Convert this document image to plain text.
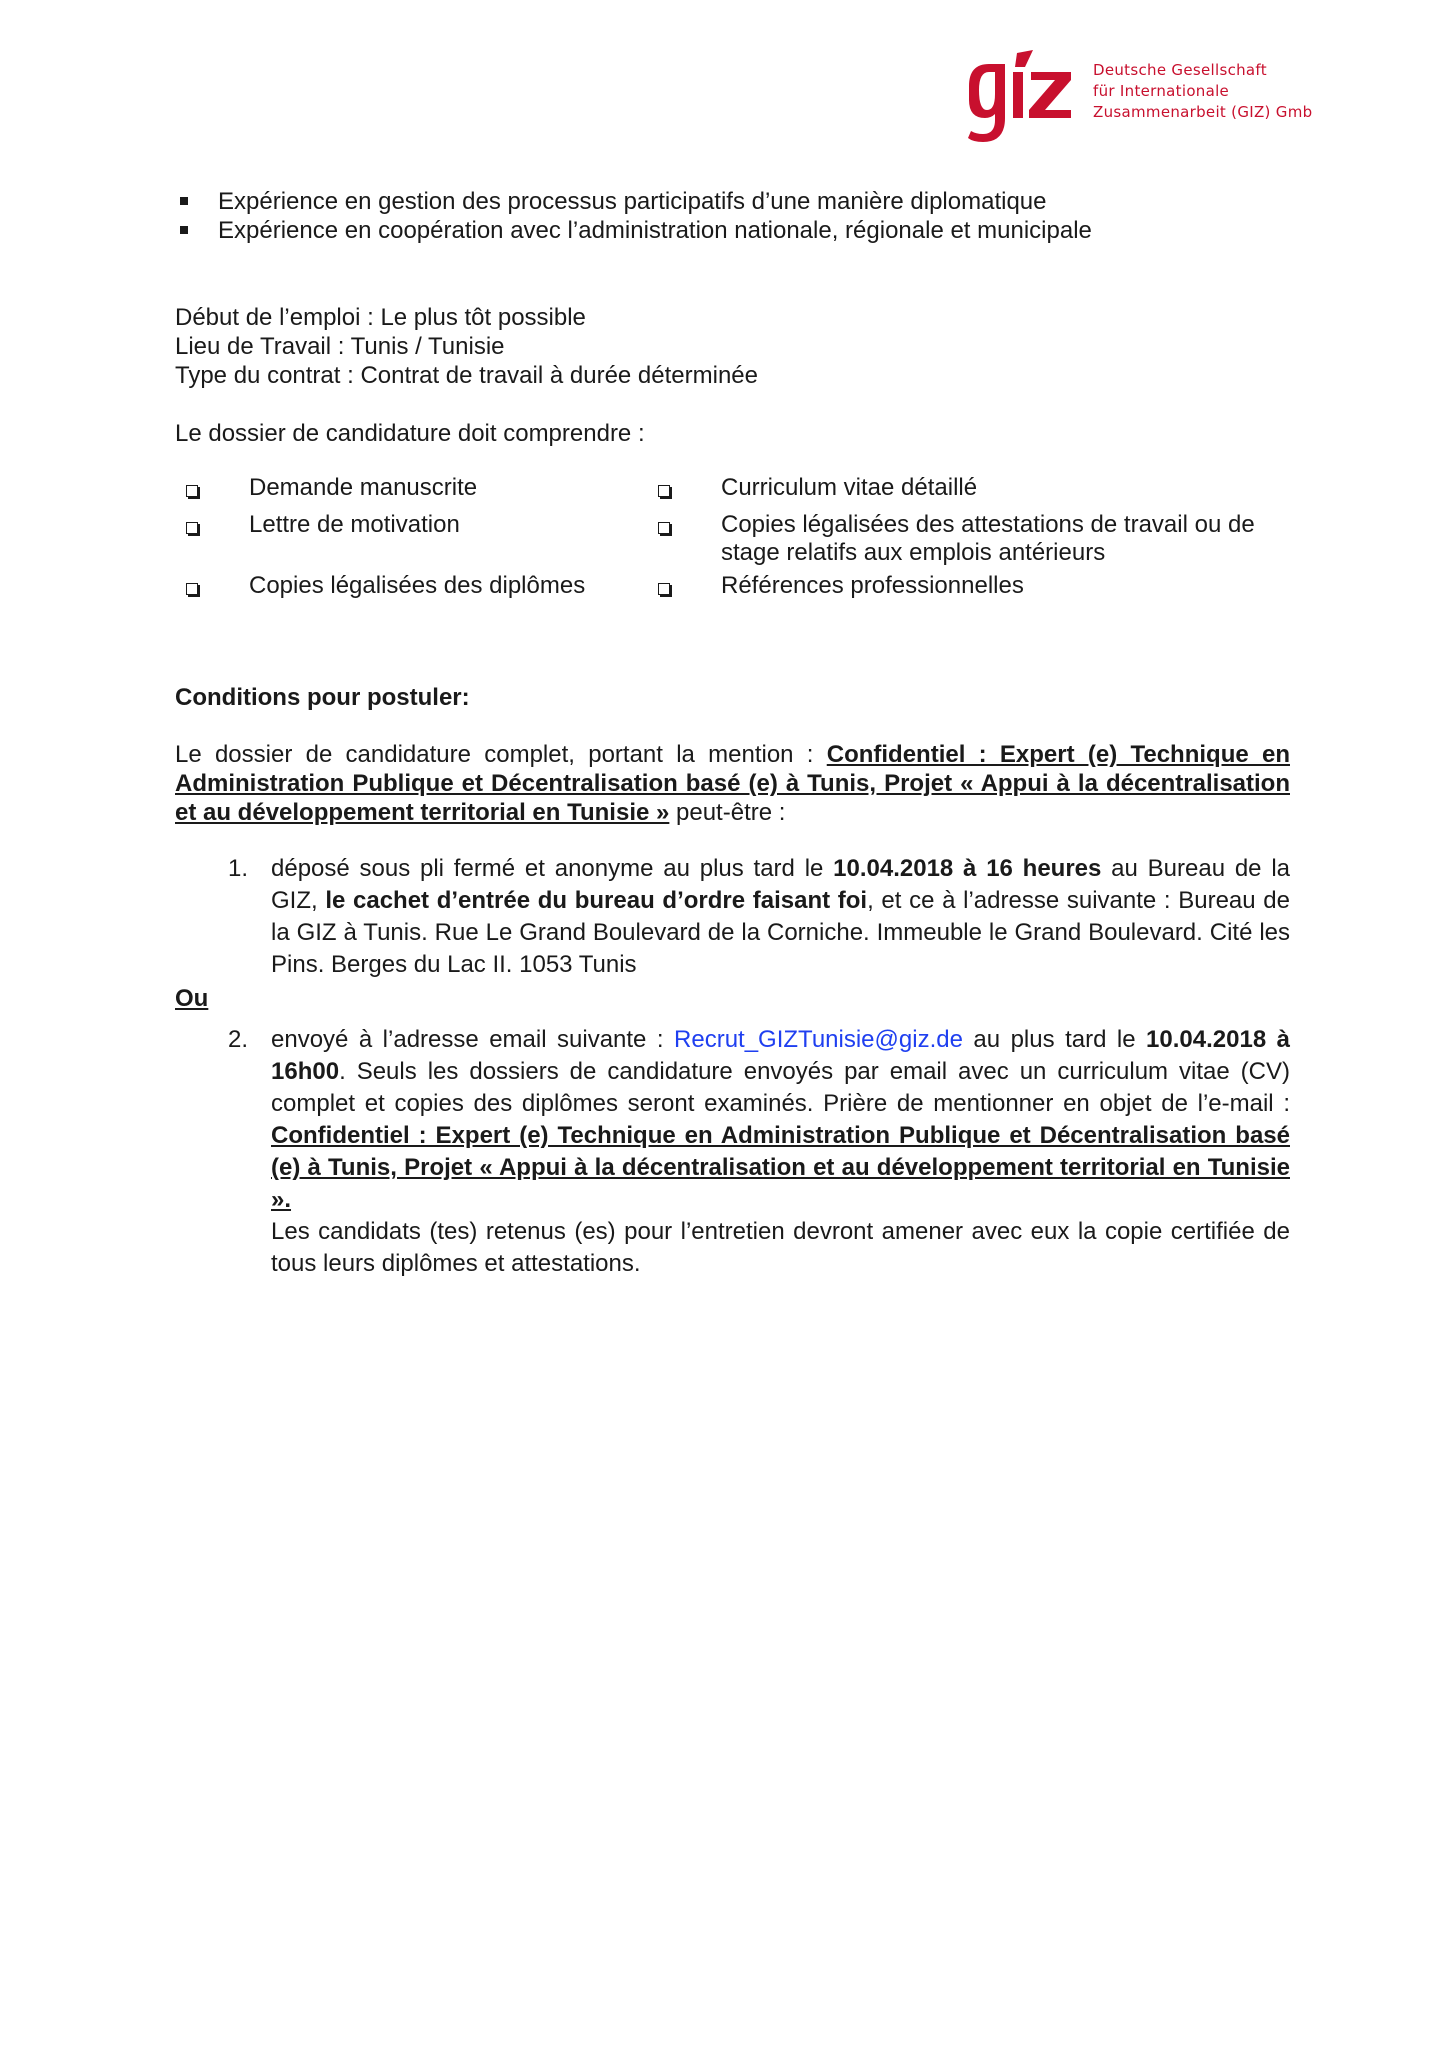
Deutsche Gesellschaft
für Internationale
Zusammenarbeit (GIZ) Gmb
Expérience en gestion des processus participatifs d’une manière diplomatique
Expérience en coopération avec l’administration nationale, régionale et municipale
Début de l’emploi : Le plus tôt possible
Lieu de Travail : Tunis / Tunisie
Type du contrat : Contrat de travail à durée déterminée
Le dossier de candidature doit comprendre :
Demande manuscrite	Curriculum vitae détaillé
Lettre de motivation	Copies légalisées des attestations de travail ou de
stage relatifs aux emplois antérieurs
Copies légalisées des diplômes	Références professionnelles
Conditions pour postuler:
Le dossier de candidature complet, portant la mention : Confidentiel : Expert (e) Technique en Administration Publique et Décentralisation basé (e) à Tunis, Projet « Appui à la décentralisation et au développement territorial en Tunisie » peut-être :
1. déposé sous pli fermé et anonyme au plus tard le 10.04.2018 à 16 heures au Bureau de la GIZ, le cachet d’entrée du bureau d’ordre faisant foi, et ce à l’adresse suivante : Bureau de la GIZ à Tunis. Rue Le Grand Boulevard de la Corniche. Immeuble le Grand Boulevard. Cité les Pins. Berges du Lac II. 1053 Tunis
Ou
2. envoyé à l’adresse email suivante : Recrut_GIZTunisie@giz.de au plus tard le 10.04.2018 à 16h00. Seuls les dossiers de candidature envoyés par email avec un curriculum vitae (CV) complet et copies des diplômes seront examinés. Prière de mentionner en objet de l’e-mail : Confidentiel : Expert (e) Technique en Administration Publique et Décentralisation basé (e) à Tunis, Projet « Appui à la décentralisation et au développement territorial en Tunisie ».
Les candidats (tes) retenus (es) pour l’entretien devront amener avec eux la copie certifiée de tous leurs diplômes et attestations.
